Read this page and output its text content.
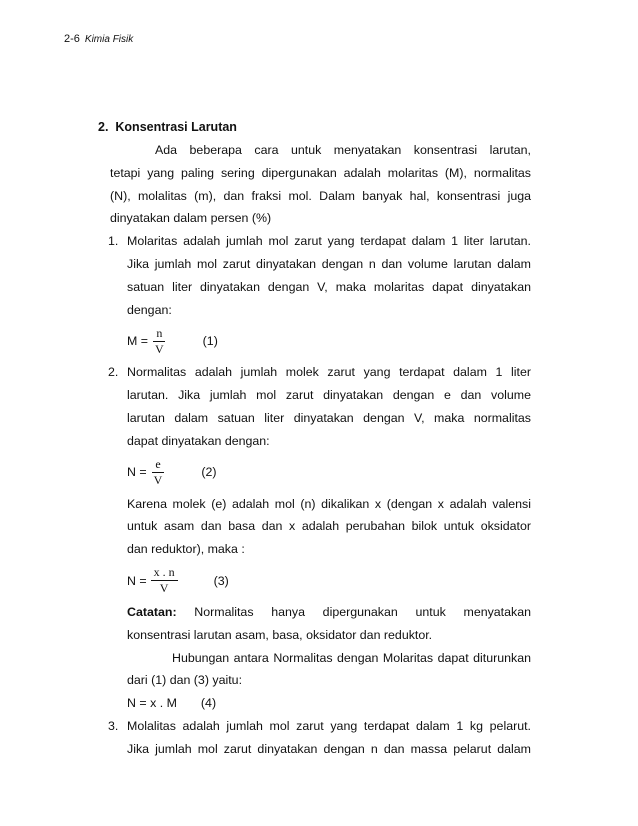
2-6 Kimia Fisik
2. Konsentrasi Larutan

Ada beberapa cara untuk menyatakan konsentrasi larutan,

tetapi yang paling sering dipergunakan adalah molaritas (M), normalitas

(N), molalitas (m), dan fraksi mol. Dalam banyak hal, konsentrasi juga

dinyatakan dalam persen (%)

1. Molaritas adalah jumlah mol zarut yang terdapat dalam 1 liter larutan.

Jika jumlah mol zarut dinyatakan dengan n dan volume larutan dalam

satuan liter dinyatakan dengan V, maka molaritas dapat dinyatakan

dengan:

$M = \frac{n}{V}$	(1)
2. Normalitas adalah jumlah molek zarut yang terdapat dalam 1 liter

larutan. Jika jumlah mol zarut dinyatakan dengan e dan volume

larutan dalam satuan liter dinyatakan dengan V, maka normalitas

dapat dinyatakan dengan:

$N = \frac{e}{V}$	(2)

Karena molek (e) adalah mol (n) dikalikan x (dengan x adalah valensi

untuk asam dan basa dan x adalah perubahan bilok untuk oksidator

dan reduktor), maka :

$N = \frac{x . n}{V}$	(3)

Catatan: Normalitas hanya dipergunakan untuk menyatakan

konsentrasi larutan asam, basa, oksidator dan reduktor.

Hubungan antara Normalitas dengan Molaritas dapat diturunkan

dari (1) dan (3) yaitu:

N = x . M (4)
3. Molalitas adalah jumlah mol zarut yang terdapat dalam 1 kg pelarut.

Jika jumlah mol zarut dinyatakan dengan n dan massa pelarut dalam
